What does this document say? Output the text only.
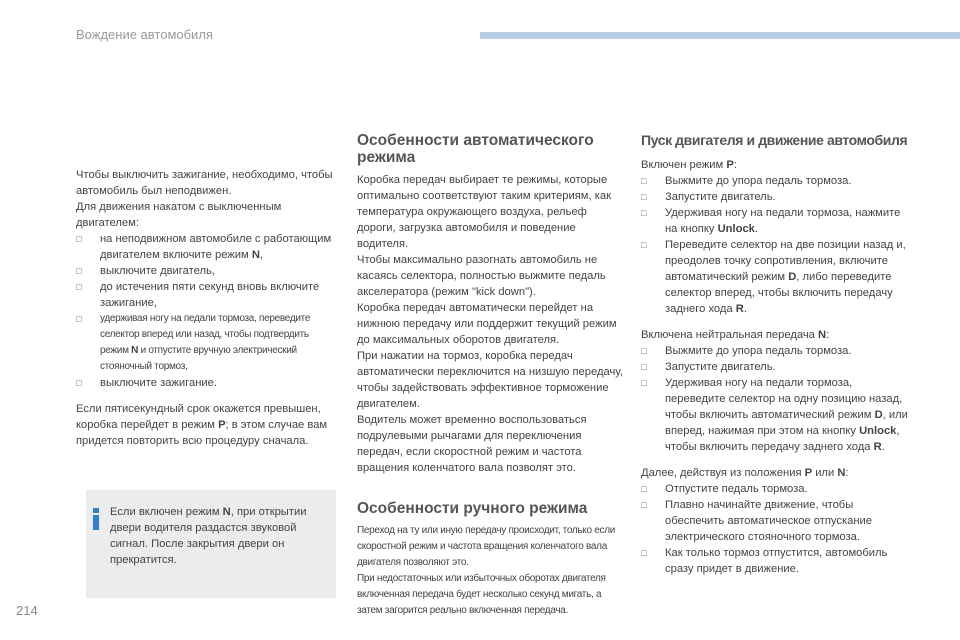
Вождение автомобиля

Чтобы выключить зажигание, необходимо, чтобы автомобиль был неподвижен.

Для движения накатом с выключенным двигателем:

□ на неподвижном автомобиле с работающим двигателем включите режим N,
□ выключите двигатель,
□ до истечения пяти секунд вновь включите зажигание,
□ удерживая ногу на педали тормоза, переведите селектор вперед или назад, чтобы подтвердить режим N и отпустите вручную электрический стояночный тормоз,
□ выключите зажигание.

Если пятисекундный срок окажется превышен, коробка перейдет в режим P; в этом случае вам придется повторить всю процедуру сначала.

Если включен режим N, при открытии двери водителя раздастся звуковой сигнал. После закрытия двери он прекратится.
Особенности автоматического режима

Коробка передач выбирает те режимы, которые оптимально соответствуют таким критериям, как температура окружающего воздуха, рельеф дороги, загрузка автомобиля и поведение водителя.

Чтобы максимально разогнать автомобиль не касаясь селектора, полностью выжмите педаль акселератора (режим "kick down").

Коробка передач автоматически перейдет на нижнюю передачу или поддержит текущий режим до максимальных оборотов двигателя.

При нажатии на тормоз, коробка передач автоматически переключится на низшую передачу, чтобы задействовать эффективное торможение двигателем.

Водитель может временно воспользоваться подрулевыми рычагами для переключения передач, если скоростной режим и частота вращения коленчатого вала позволят это.

Особенности ручного режима

Переход на ту или иную передачу происходит, только если скоростной режим и частота вращения коленчатого вала двигателя позволяют это.

При недостаточных или избыточных оборотах двигателя включенная передача будет несколько секунд мигать, а затем загорится реально включенная передача.

Пуск двигателя и движение автомобиля

Включен режим P:

□ Выжмите до упора педаль тормоза.
□ Запустите двигатель.
□ Удерживая ногу на педали тормоза, нажмите на кнопку Unlock.
□ Переведите селектор на две позиции назад и, преодолев точку сопротивления, включите автоматический режим D, либо переведите селектор вперед, чтобы включить передачу заднего хода R.

Включена нейтральная передача N:

□ Выжмите до упора педаль тормоза.
□ Запустите двигатель.
□ Удерживая ногу на педали тормоза, переведите селектор на одну позицию назад, чтобы включить автоматический режим D, или вперед, нажимая при этом на кнопку Unlock, чтобы включить передачу заднего хода R.

Далее, действуя из положения P или N:

□ Отпустите педаль тормоза.
□ Плавно начинайте движение, чтобы обеспечить автоматическое отпускание электрического стояночного тормоза.
□ Как только тормоз отпустится, автомобиль сразу придет в движение.
214
